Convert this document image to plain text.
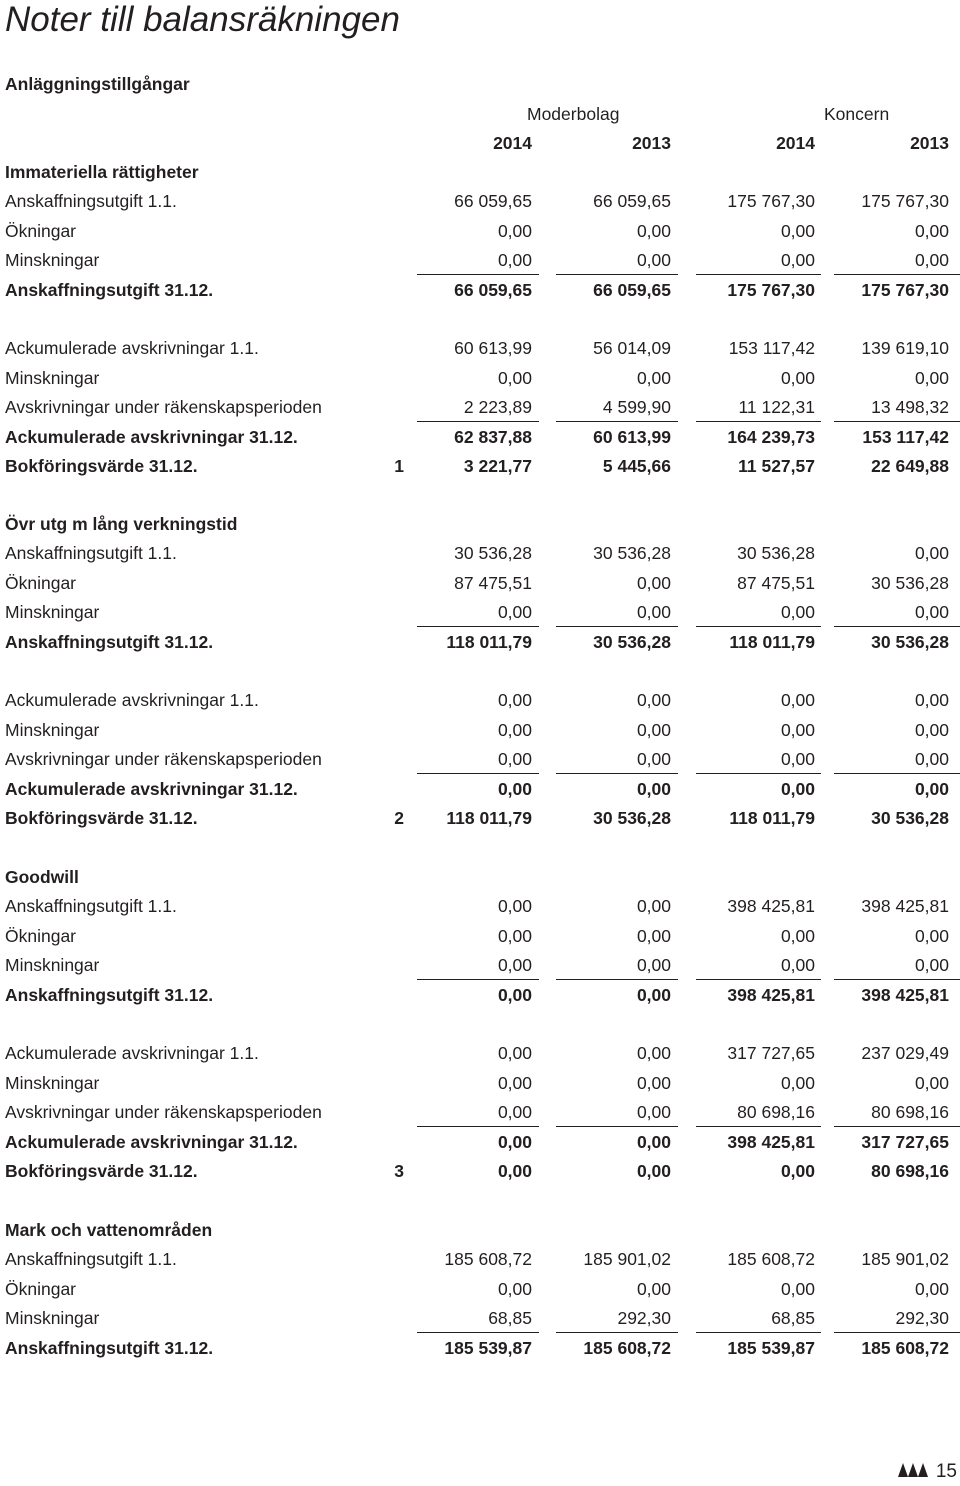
Noter till balansräkningen
Anläggningstillgångar
Moderbolag	Koncern
2014	2013	2014	2013
Immateriella rättigheter
Anskaffningsutgift 1.1.	66 059,65	66 059,65	175 767,30	175 767,30
Ökningar	0,00	0,00	0,00	0,00
Minskningar	0,00	0,00	0,00	0,00
Anskaffningsutgift 31.12.	66 059,65	66 059,65	175 767,30	175 767,30
Ackumulerade avskrivningar 1.1.	60 613,99	56 014,09	153 117,42	139 619,10
Minskningar	0,00	0,00	0,00	0,00
Avskrivningar under räkenskapsperioden	2 223,89	4 599,90	11 122,31	13 498,32
Ackumulerade avskrivningar 31.12.	62 837,88	60 613,99	164 239,73	153 117,42
Bokföringsvärde 31.12.	1	3 221,77	5 445,66	11 527,57	22 649,88
Övr utg m lång verkningstid
Anskaffningsutgift 1.1.	30 536,28	30 536,28	30 536,28	0,00
Ökningar	87 475,51	0,00	87 475,51	30 536,28
Minskningar	0,00	0,00	0,00	0,00
Anskaffningsutgift 31.12.	118 011,79	30 536,28	118 011,79	30 536,28
Ackumulerade avskrivningar 1.1.	0,00	0,00	0,00	0,00
Minskningar	0,00	0,00	0,00	0,00
Avskrivningar under räkenskapsperioden	0,00	0,00	0,00	0,00
Ackumulerade avskrivningar 31.12.	0,00	0,00	0,00	0,00
Bokföringsvärde 31.12.	2	118 011,79	30 536,28	118 011,79	30 536,28
Goodwill
Anskaffningsutgift 1.1.	0,00	0,00	398 425,81	398 425,81
Ökningar	0,00	0,00	0,00	0,00
Minskningar	0,00	0,00	0,00	0,00
Anskaffningsutgift 31.12.	0,00	0,00	398 425,81	398 425,81
Ackumulerade avskrivningar 1.1.	0,00	0,00	317 727,65	237 029,49
Minskningar	0,00	0,00	0,00	0,00
Avskrivningar under räkenskapsperioden	0,00	0,00	80 698,16	80 698,16
Ackumulerade avskrivningar 31.12.	0,00	0,00	398 425,81	317 727,65
Bokföringsvärde 31.12.	3	0,00	0,00	0,00	80 698,16
Mark och vattenområden
Anskaffningsutgift 1.1.	185 608,72	185 901,02	185 608,72	185 901,02
Ökningar	0,00	0,00	0,00	0,00
Minskningar	68,85	292,30	68,85	292,30
Anskaffningsutgift 31.12.	185 539,87	185 608,72	185 539,87	185 608,72
15
